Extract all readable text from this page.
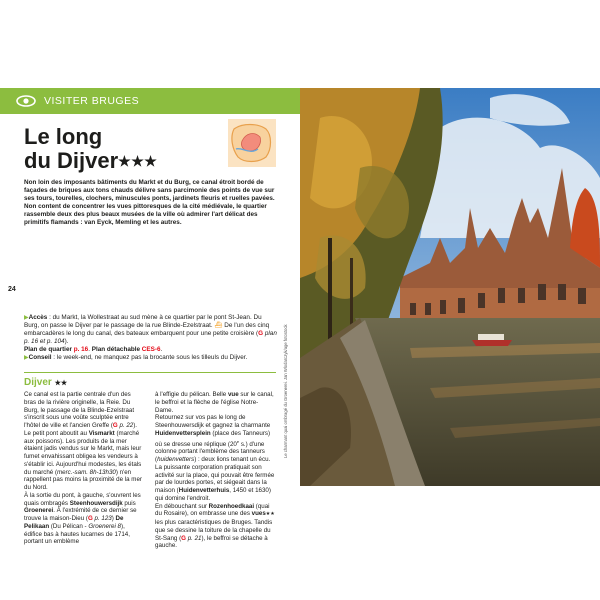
VISITER BRUGES
Le long
du Dijver★★★

Non loin des imposants bâtiments du Markt et du Burg, ce canal étroit bordé de façades de briques aux tons chauds délivre sans parcimonie des points de vue sur ses tours, tourelles, clochers, minuscules ponts, jardinets fleuris et ruelles pavées. Non content de concentrer les vues pittoresques de la cité médiévale, le quartier rassemble deux des plus beaux musées de la ville où admirer l'art délicat des primitifs flamands : van Eyck, Memling et les autres.

▶Accès : du Markt, la Wollestraat au sud mène à ce quartier par le pont St-Jean. Du Burg, on passe le Dijver par le passage de la rue Blinde-Ezelstraat. ⛴ De l'un des cinq embarcadères le long du canal, des bateaux embarquent pour une petite croisière (G plan p. 16 et p. 104).

Plan de quartier p. 16. Plan détachable CES-6.

▶Conseil : le week-end, ne manquez pas la brocante sous les tilleuls du Dijver.

24
Dijver ★★

Ce canal est la partie centrale d'un des bras de la rivière originelle, la Reie. Du Burg, le passage de la Blinde-Ezelstraat s'inscrit sous une voûte sculptée entre l'hôtel de ville et l'ancien Greffe (G p. 22). Le petit pont aboutit au Vismarkt (marché aux poissons). Les produits de la mer étaient jadis vendus sur le Markt, mais leur fumet envahissant obligea les vendeurs à s'établir ici. Aujourd'hui modestes, les étals du marché (merc.-sam. 8h-13h30) n'en rappellent pas moins la proximité de la mer du Nord.

À la sortie du pont, à gauche, s'ouvrent les quais ombragés Steenhouwersdijk puis Groenerei. À l'extrémité de ce dernier se trouve la maison-Dieu (G p. 123) De Pelikaan (Du Pélican - Groenerei 8), édifice bas à hautes lucarnes de 1714, portant un emblème

à l'effigie du pélican. Belle vue sur le canal, le beffroi et la flèche de l'église Notre-Dame.

Retournez sur vos pas le long de Steenhouwersdijk et gagnez la charmante Huidenvettersplein (place des Tanneurs) où se dresse une réplique (20e s.) d'une colonne portant l'emblème des tanneurs (huidenvetters) : deux lions tenant un écu. La puissante corporation pratiquait son activité sur la place, qui pouvait être fermée par de lourdes portes, et siégeait dans la maison (Huidenvetterhuis, 1450 et 1630) qui domine l'endroit.

En débouchant sur Rozenhoedkaai (quai du Rosaire), on embrasse une des vues★★ les plus caractéristiques de Bruges. Tandis que se dessine la toiture de la chapelle du St-Sang (G p. 21), le beffroi se détache à gauche.

Le charmant quai ombragé du Groenerei. Jan Wlodarczyk/age fotostock
